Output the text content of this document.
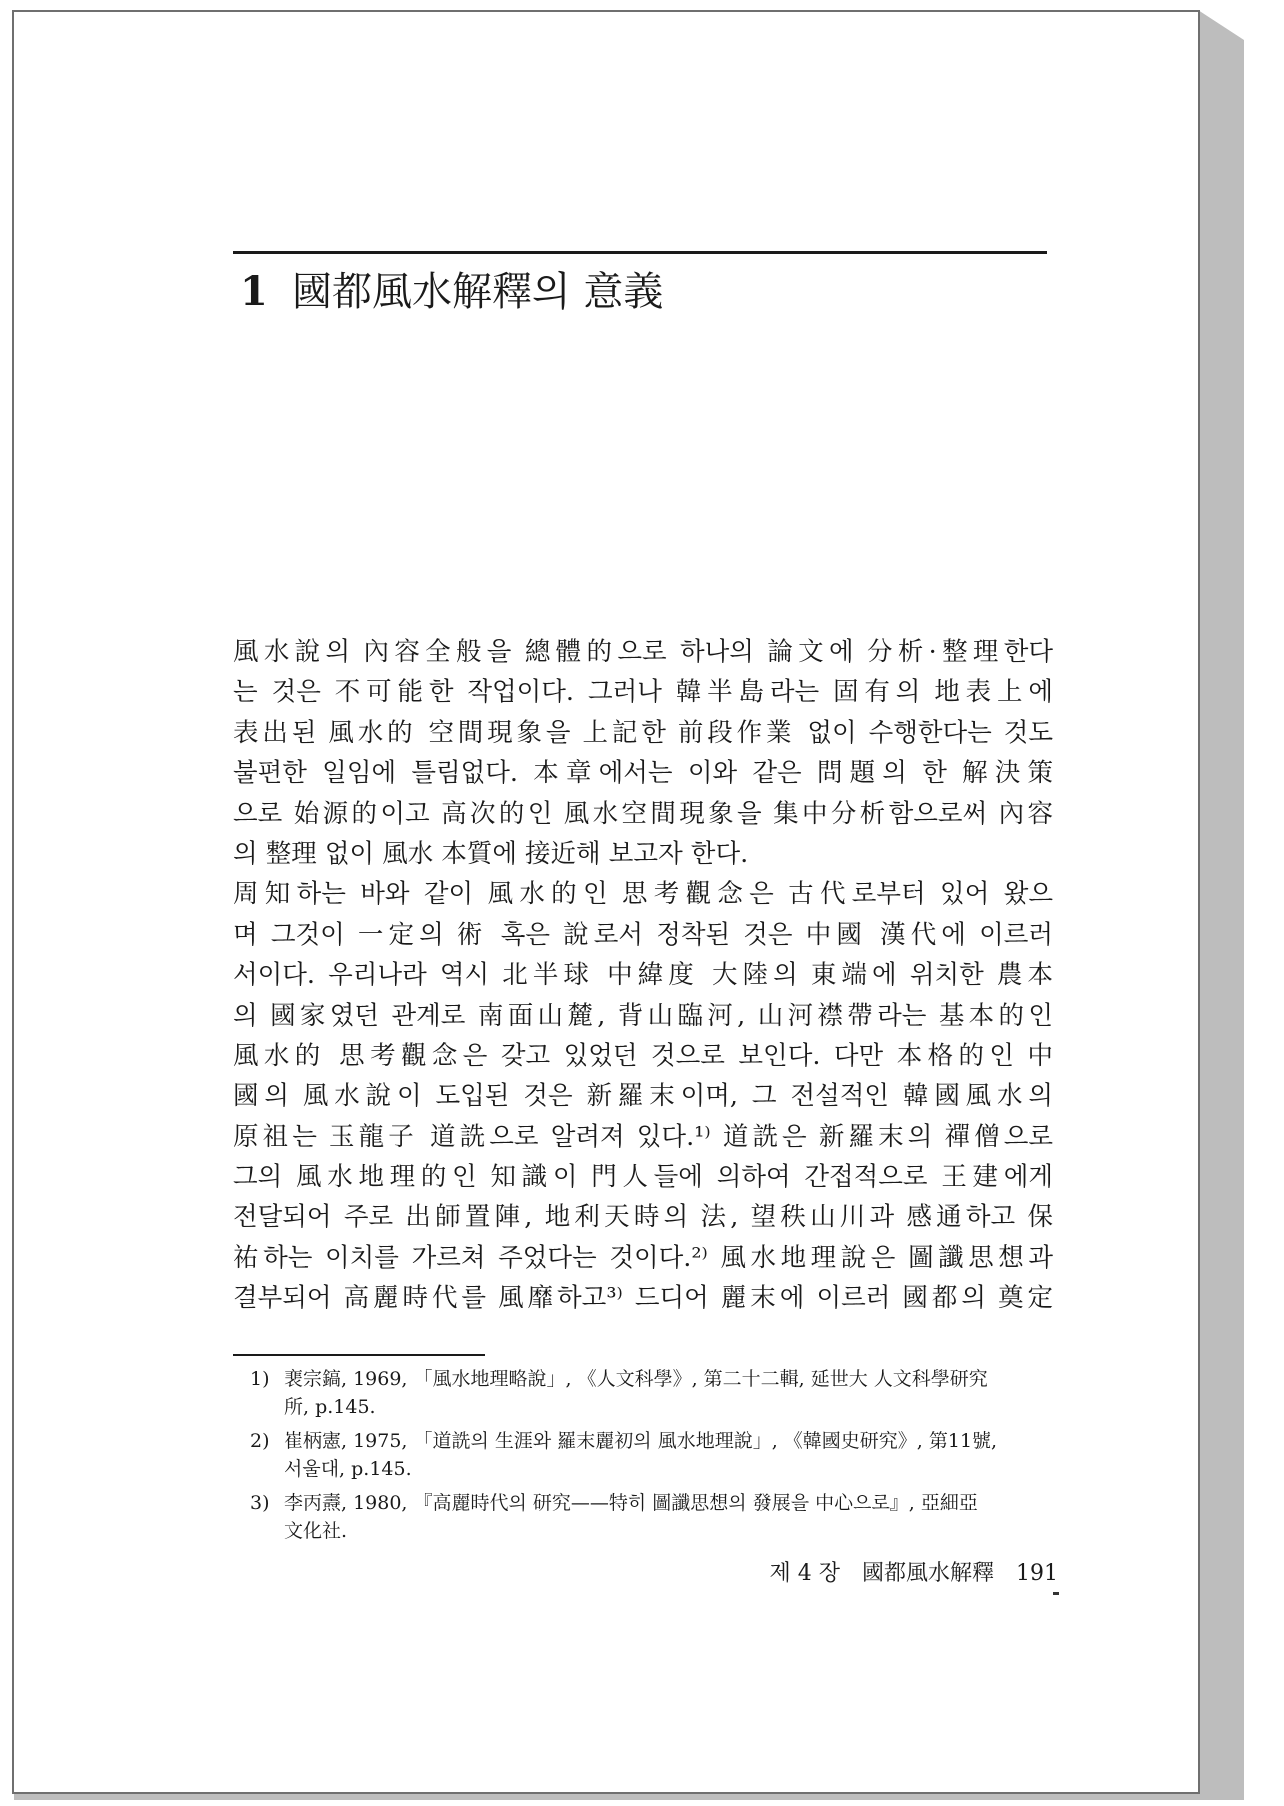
1 國都風水解釋의 意義
風水說의 內容全般을 總體的으로 하나의 論文에 分析·整理한다
는 것은 不可能한 작업이다. 그러나 韓半島라는 固有의 地表上에
表出된 風水的 空間現象을 上記한 前段作業 없이 수행한다는 것도
불편한 일임에 틀림없다. 本章에서는 이와 같은 問題의 한 解決策
으로 始源的이고 高次的인 風水空間現象을 集中分析함으로써 內容
의 整理 없이 風水 本質에 接近해 보고자 한다.
周知하는 바와 같이 風水的인 思考觀念은 古代로부터 있어 왔으
며 그것이 一定의 術 혹은 說로서 정착된 것은 中國 漢代에 이르러
서이다. 우리나라 역시 北半球 中緯度 大陸의 東端에 위치한 農本
의 國家였던 관계로 南面山麓, 背山臨河, 山河襟帶라는 基本的인
風水的 思考觀念은 갖고 있었던 것으로 보인다. 다만 本格的인 中
國의 風水說이 도입된 것은 新羅末이며, 그 전설적인 韓國風水의
原祖는 玉龍子 道詵으로 알려져 있다.¹⁾ 道詵은 新羅末의 禪僧으로
그의 風水地理的인 知識이 門人들에 의하여 간접적으로 王建에게
전달되어 주로 出師置陣, 地利天時의 法, 望秩山川과 感通하고 保
祐하는 이치를 가르쳐 주었다는 것이다.²⁾ 風水地理說은 圖讖思想과
결부되어 高麗時代를 風靡하고³⁾ 드디어 麗末에 이르러 國都의 奠定
1) 裵宗鎬, 1969, 「風水地理略說」, 《人文科學》, 第二十二輯, 延世大 人文科學研究
所, p.145.
2) 崔柄憲, 1975, 「道詵의 生涯와 羅末麗初의 風水地理說」, 《韓國史研究》, 第11號,
서울대, p.145.
3) 李丙燾, 1980, 『高麗時代의 研究——特히 圖讖思想의 發展을 中心으로』, 亞細亞
文化社.
제 4 장 國都風水解釋 191
